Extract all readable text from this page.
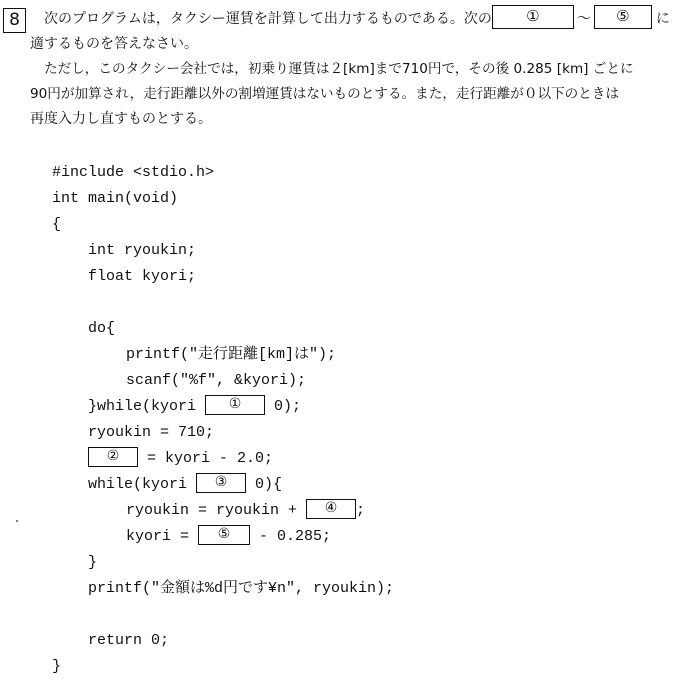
8	次のプログラムは，タクシー運賃を計算して出力するものである。次の ①	～ ⑤ に
適するものを答えなさい。
ただし，このタクシー会社では，初乗り運賃は２[km]まで710円で，その後 0.285 [km] ごとに
90円が加算され，走行距離以外の割増運賃はないものとする。また，走行距離が０以下のときは
再度入力し直すものとする。
#include <stdio.h>
int main(void)
{
int ryoukin;
float kyori;
do{
printf("走行距離[km]は");
scanf("%f", &kyori);
}while(kyori ① 0);
ryoukin = 710;
② = kyori - 2.0;
while(kyori ③ 0){
ryoukin = ryoukin + ④ ;
kyori = ⑤ - 0.285;
}
printf("金額は%d円です¥n", ryoukin);
return 0;
}
